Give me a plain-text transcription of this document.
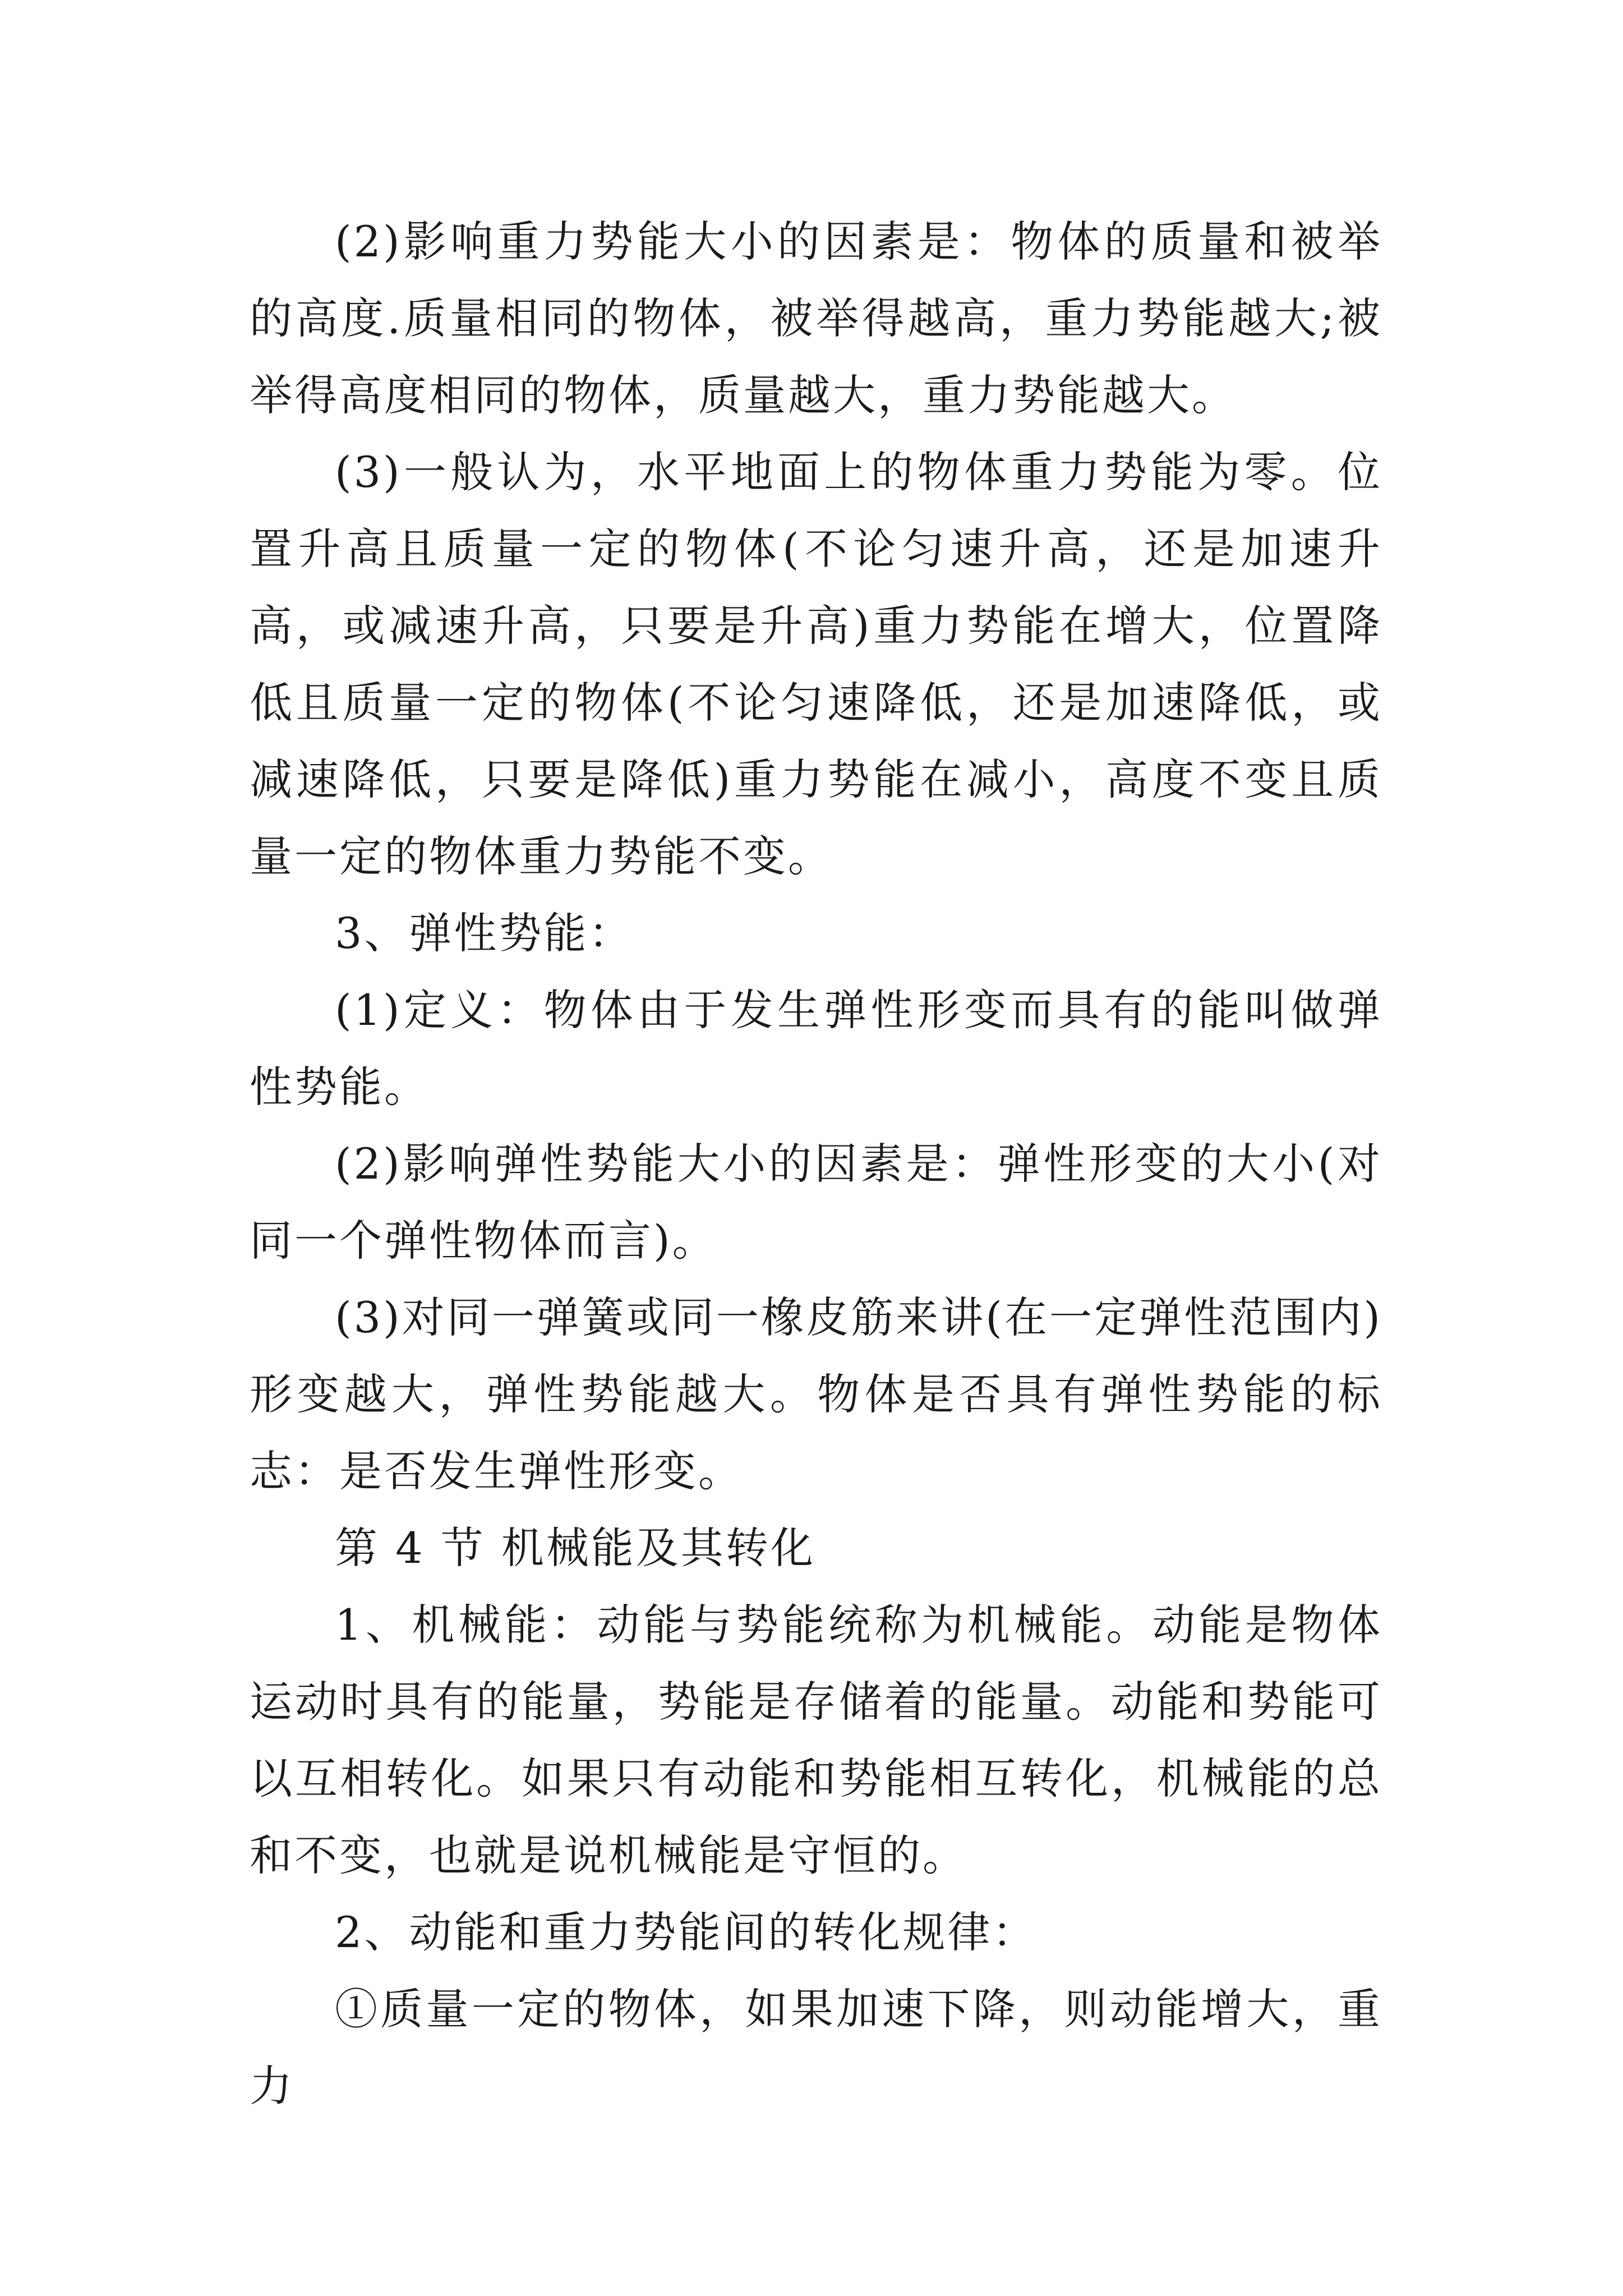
(2)影响重力势能大小的因素是：物体的质量和被举的高度.质量相同的物体，被举得越高，重力势能越大;被举得高度相同的物体，质量越大，重力势能越大。

(3)一般认为，水平地面上的物体重力势能为零。位置升高且质量一定的物体(不论匀速升高，还是加速升高，或减速升高，只要是升高)重力势能在增大，位置降低且质量一定的物体(不论匀速降低，还是加速降低，或减速降低，只要是降低)重力势能在减小，高度不变且质量一定的物体重力势能不变。

3、弹性势能：

(1)定义：物体由于发生弹性形变而具有的能叫做弹性势能。

(2)影响弹性势能大小的因素是：弹性形变的大小(对同一个弹性物体而言)。

(3)对同一弹簧或同一橡皮筋来讲(在一定弹性范围内)形变越大，弹性势能越大。物体是否具有弹性势能的标志：是否发生弹性形变。

第 4 节 机械能及其转化

1、机械能：动能与势能统称为机械能。动能是物体运动时具有的能量，势能是存储着的能量。动能和势能可以互相转化。如果只有动能和势能相互转化，机械能的总和不变，也就是说机械能是守恒的。

2、动能和重力势能间的转化规律：

①质量一定的物体，如果加速下降，则动能增大，重力
